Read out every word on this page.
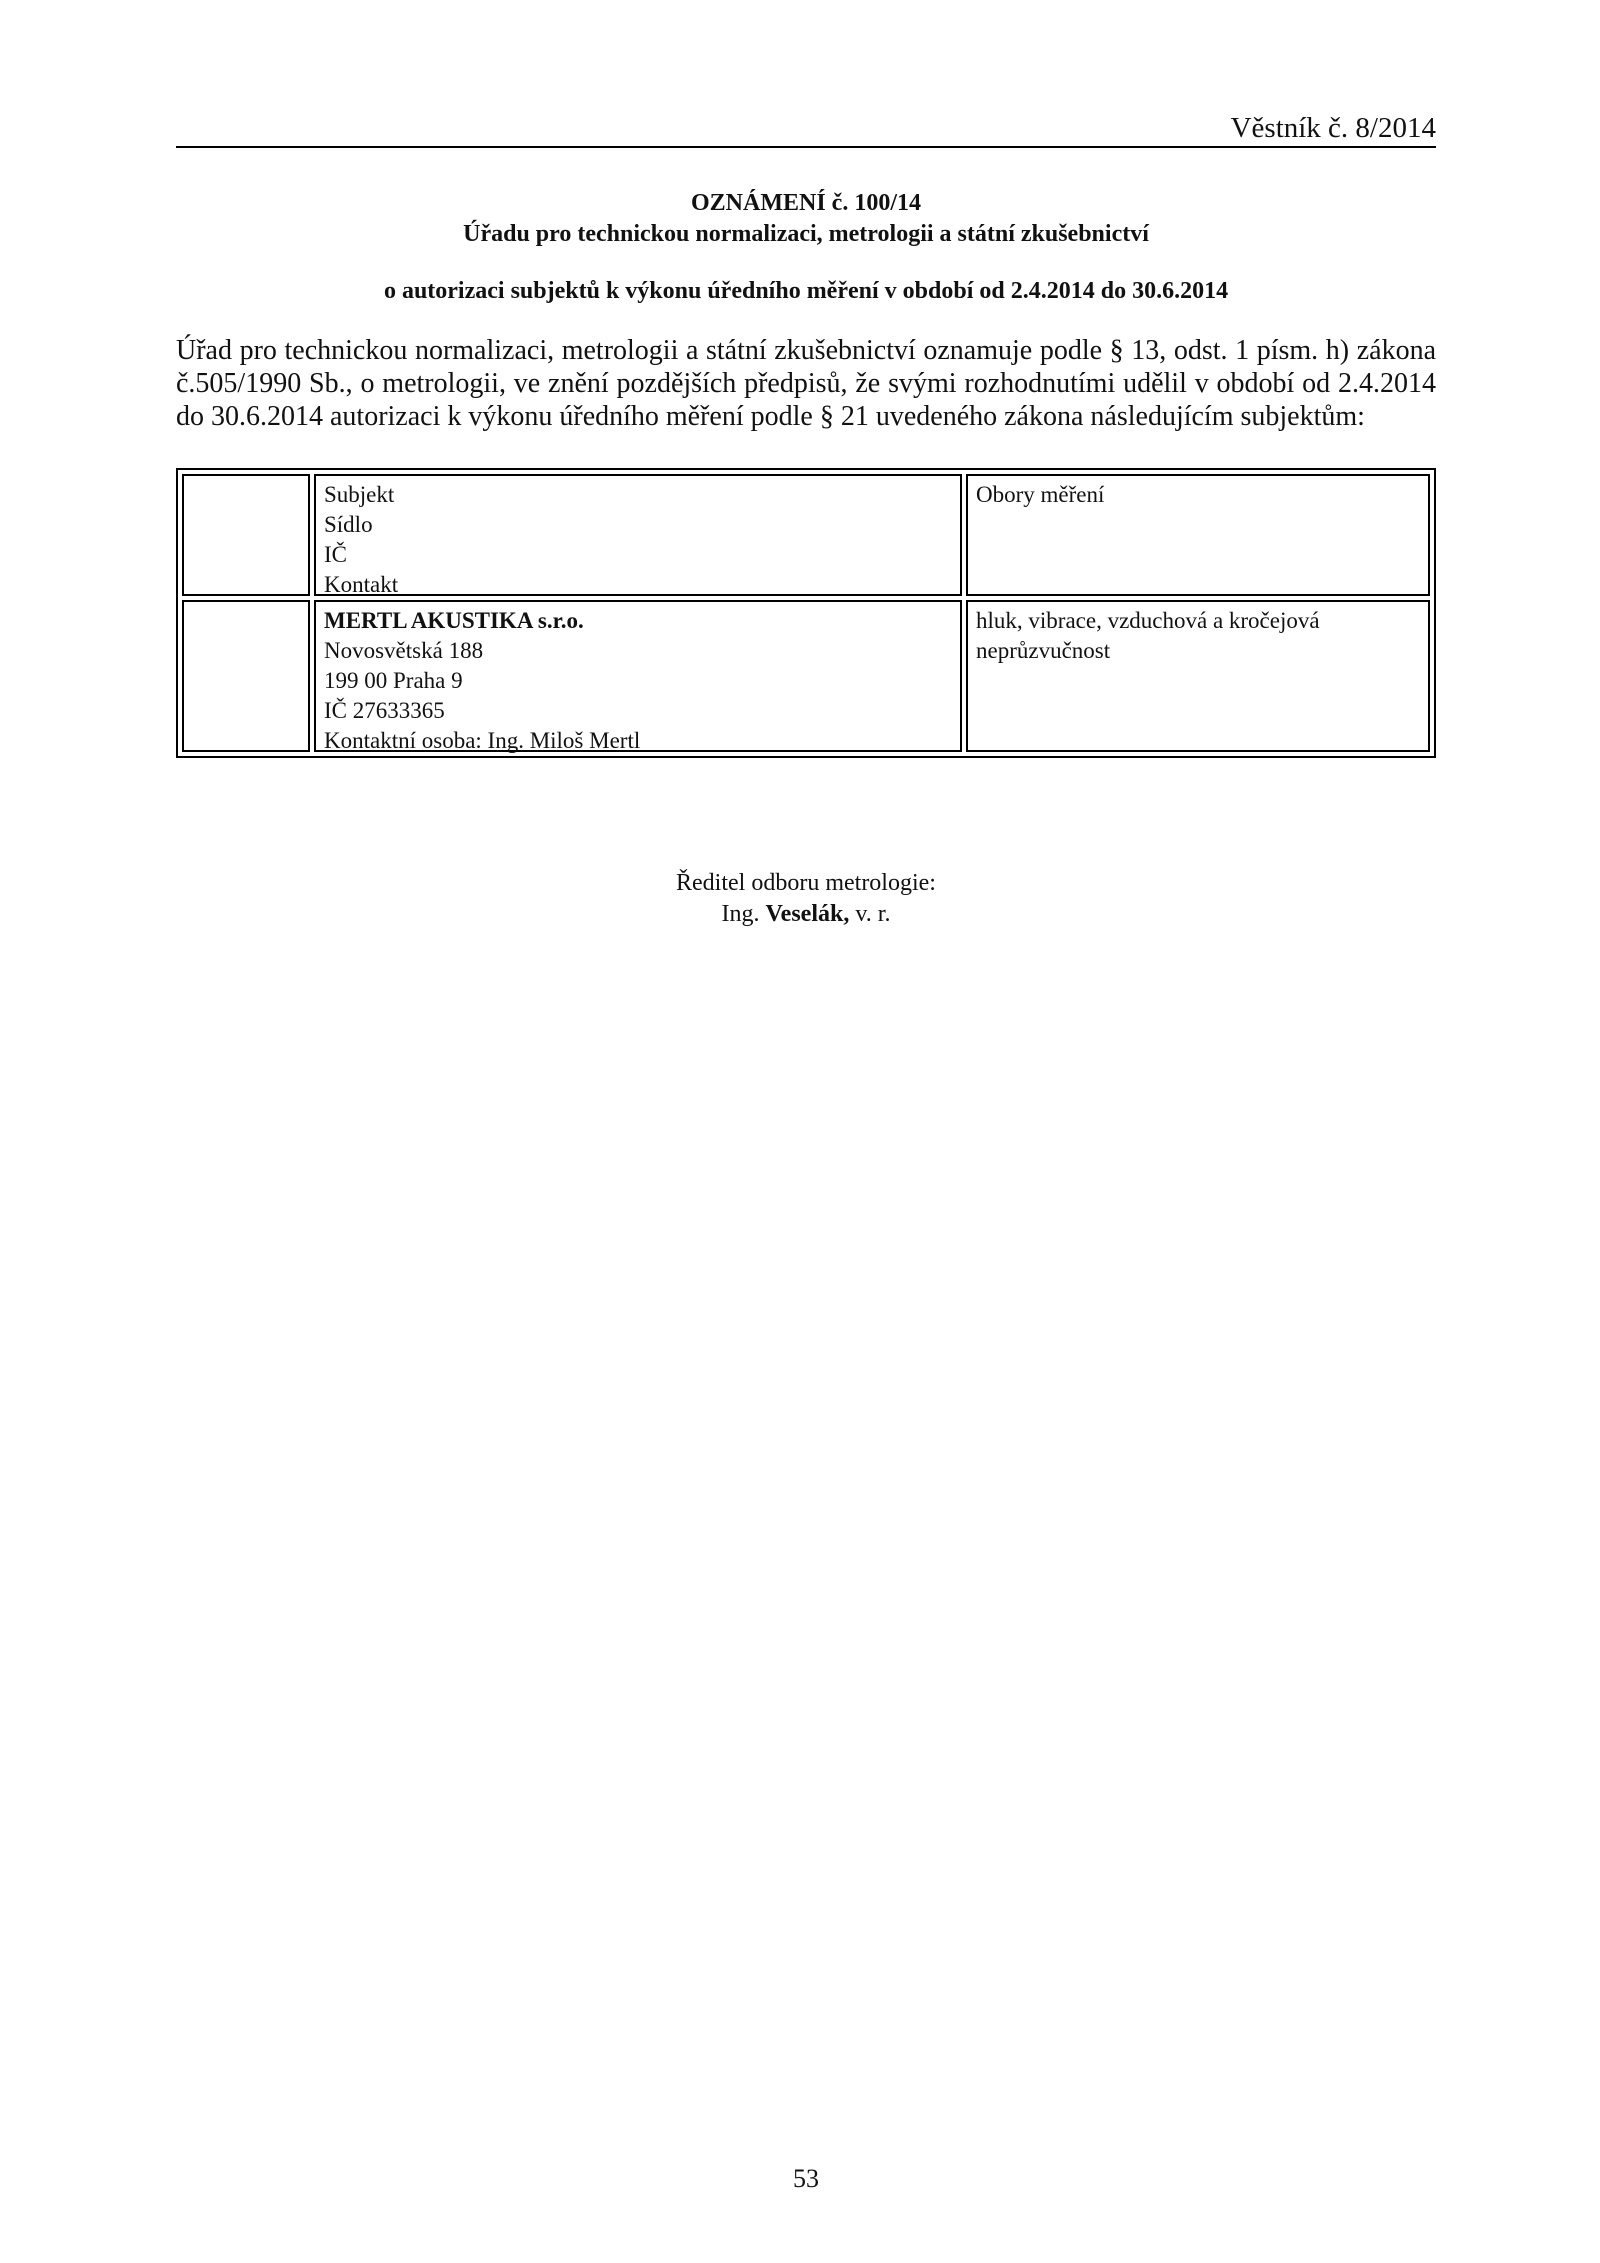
Věstník č. 8/2014
OZNÁMENÍ č. 100/14
Úřadu pro technickou normalizaci, metrologii a státní zkušebnictví
o autorizaci subjektů k výkonu úředního měření v období od 2.4.2014 do 30.6.2014
Úřad pro technickou normalizaci, metrologii a státní zkušebnictví oznamuje podle § 13, odst. 1 písm. h) zákona č.505/1990 Sb., o metrologii, ve znění pozdějších předpisů, že svými rozhodnutími udělil v období od 2.4.2014 do 30.6.2014 autorizaci k výkonu úředního měření podle § 21 uvedeného zákona následujícím subjektům:
Subjekt
Sídlo
IČ
Kontakt
Obory měření
MERTL AKUSTIKA s.r.o.
Novosvětská 188
199 00 Praha 9
IČ 27633365
Kontaktní osoba: Ing. Miloš Mertl
hluk, vibrace, vzduchová a kročejová neprůzvučnost
Ředitel odboru metrologie:
Ing. Veselák, v. r.
53
